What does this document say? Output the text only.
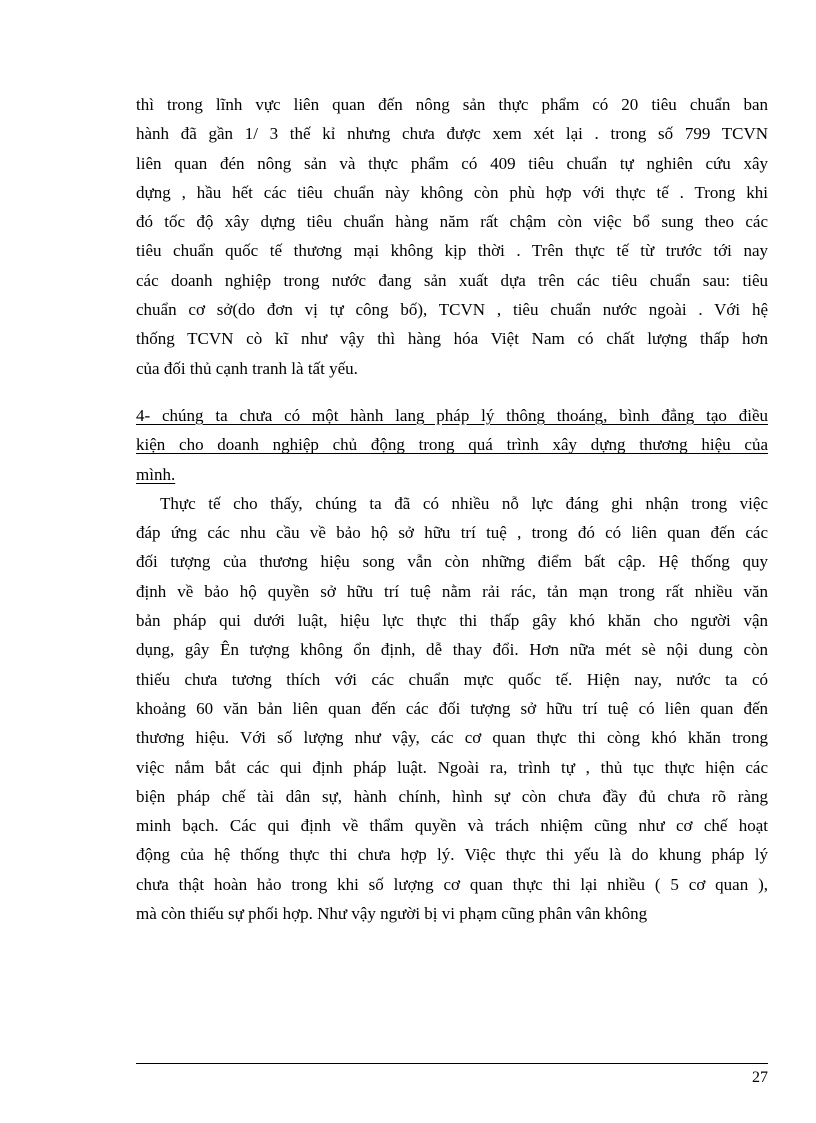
thì trong lĩnh vực liên quan đến nông sản thực phẩm có 20 tiêu chuẩn ban
hành đã gần 1/ 3 thế kỉ nhưng chưa được xem xét lại . trong số 799 TCVN
liên quan đén nông sản và thực phẩm có 409 tiêu chuẩn tự nghiên cứu xây
dựng , hầu hết các tiêu chuẩn này không còn phù hợp với thực tế . Trong khi
đó tốc độ xây dựng tiêu chuẩn hàng năm rất chậm còn việc bổ sung theo các
tiêu chuẩn quốc tế thương mại không kịp thời . Trên thực tế từ trước tới nay
các doanh nghiệp trong nước đang sản xuất dựa trên các tiêu chuẩn sau: tiêu
chuẩn cơ sở(do đơn vị tự công bố), TCVN , tiêu chuẩn nước ngoài . Với hệ
thống TCVN cò kĩ như vậy thì hàng hóa Việt Nam có chất lượng thấp hơn
của đối thủ cạnh tranh là tất yếu.
4- chúng ta chưa có một hành lang pháp lý thông thoáng, bình đẳng tạo điều
kiện cho doanh nghiệp chủ động trong quá trình xây dựng thương hiệu của
mình.
Thực tế cho thấy, chúng ta đã có nhiều nỗ lực đáng ghi nhận trong việc
đáp ứng các nhu cầu về bảo hộ sở hữu trí tuệ , trong đó có liên quan đến các
đối tượng của thương hiệu song vẫn còn những điểm bất cập. Hệ thống quy
định về bảo hộ quyền sở hữu trí tuệ nằm rải rác, tản mạn trong rất nhiều văn
bản pháp qui dưới luật, hiệu lực thực thi thấp gây khó khăn cho người vận
dụng, gây Ên tượng không ổn định, dễ thay đổi. Hơn nữa mét sè nội dung còn
thiếu chưa tương thích với các chuẩn mực quốc tế. Hiện nay, nước ta có
khoảng 60 văn bản liên quan đến các đối tượng sở hữu trí tuệ có liên quan đến
thương hiệu. Với số lượng như vậy, các cơ quan thực thi còng khó khăn trong
việc nắm bắt các qui định pháp luật. Ngoài ra, trình tự , thủ tục thực hiện các
biện pháp chế tài dân sự, hành chính, hình sự còn chưa đầy đủ chưa rõ ràng
minh bạch. Các qui định về thẩm quyền và trách nhiệm cũng như cơ chế hoạt
động của hệ thống thực thi chưa hợp lý. Việc thực thi yếu là do khung pháp lý
chưa thật hoàn hảo trong khi số lượng cơ quan thực thi lại nhiều ( 5 cơ quan ),
mà còn thiếu sự phối hợp. Như vậy người bị vi phạm cũng phân vân không
27
